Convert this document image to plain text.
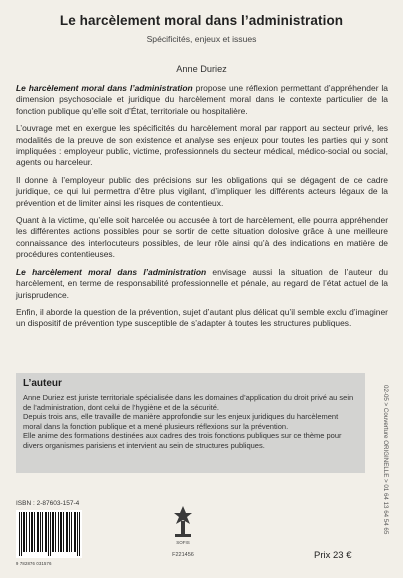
Le harcèlement moral dans l’administration
Spécificités, enjeux et issues
Anne Duriez

Le harcèlement moral dans l’administration propose une réflexion permettant d’appréhender la dimension psychosociale et juridique du harcèlement moral dans le contexte particulier de la fonction publique qu’elle soit d’État, territoriale ou hospitalière.

L’ouvrage met en exergue les spécificités du harcèlement moral par rapport au secteur privé, les modalités de la preuve de son existence et analyse ses enjeux pour toutes les parties qui y sont impliquées : employeur public, victime, professionnels du secteur médical, médico-social ou social, agents ou harceleur.

Il donne à l’employeur public des précisions sur les obligations qui se dégagent de ce cadre juridique, ce qui lui permettra d’être plus vigilant, d’impliquer les différents acteurs légaux de la prévention et de limiter ainsi les risques de contentieux.

Quant à la victime, qu’elle soit harcelée ou accusée à tort de harcèlement, elle pourra appréhender les différentes actions possibles pour se sortir de cette situation dolosive grâce à une meilleure connaissance des interlocuteurs possibles, de leur rôle ainsi qu’à des indications en matière de procédures contentieuses.

Le harcèlement moral dans l’administration envisage aussi la situation de l’auteur du harcèlement, en terme de responsabilité professionnelle et pénale, au regard de l’état actuel de la jurisprudence.

Enfin, il aborde la question de la prévention, sujet d’autant plus délicat qu’il semble exclu d’imaginer un dispositif de prévention type susceptible de s’adapter à toutes les structures publiques.

L’auteur

Anne Duriez est juriste territoriale spécialisée dans les domaines d’application du droit privé au sein de l’administration, dont celui de l’hygiène et de la sécurité.

Depuis trois ans, elle travaille de manière approfondie sur les enjeux juridiques du harcèlement moral dans la fonction publique et a mené plusieurs réflexions sur la prévention.

Elle anime des formations destinées aux cadres des trois fonctions publiques sur ce thème pour divers organismes parisiens et intervient au sein de structures publiques.	02-05 > Couverture ORIGINELLE > 01 64 13 64 54 65
ISBN : 2-87603-157-4
9 782876 031576
SOFIS
F221456	Prix 23 €
